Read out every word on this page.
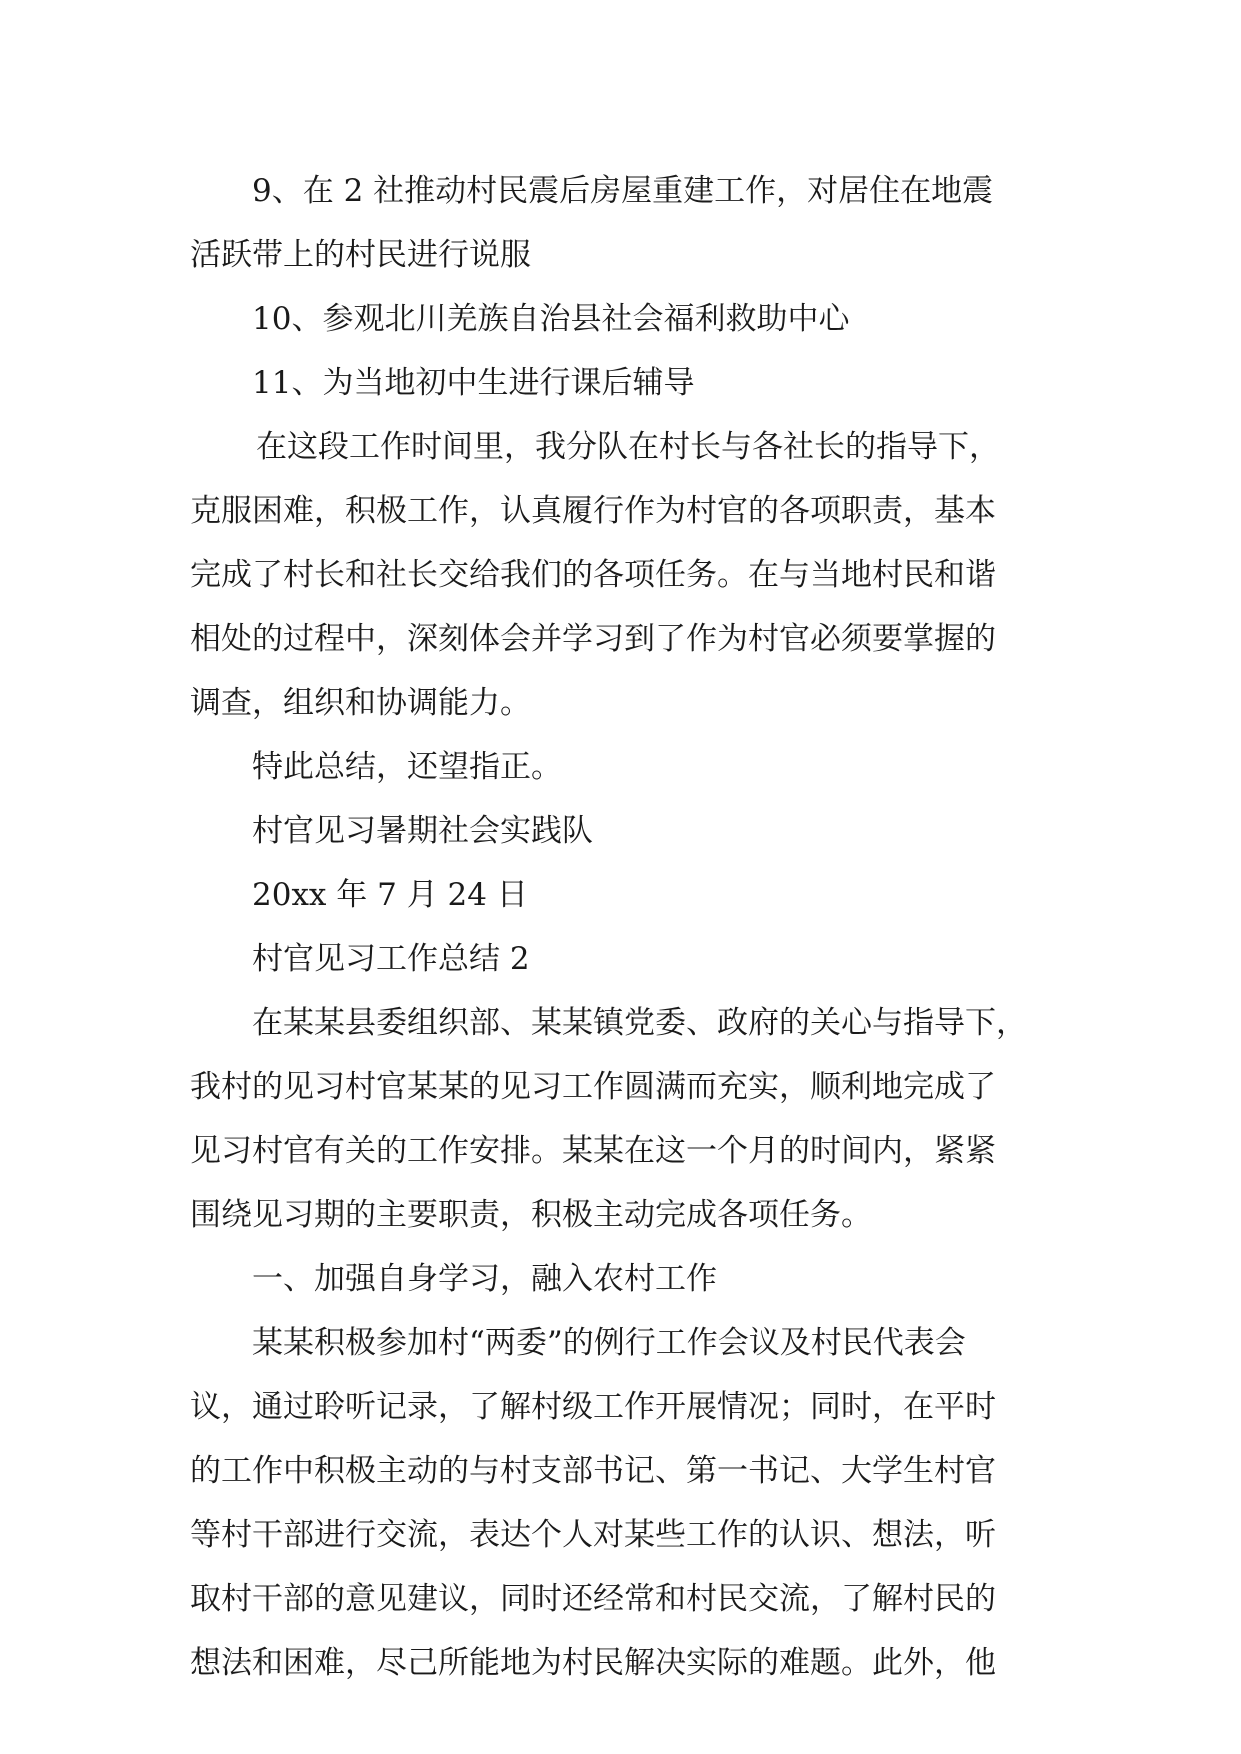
9、在 2 社推动村民震后房屋重建工作，对居住在地震
活跃带上的村民进行说服
10、参观北川羌族自治县社会福利救助中心
11、为当地初中生进行课后辅导
在这段工作时间里，我分队在村长与各社长的指导下，
克服困难，积极工作，认真履行作为村官的各项职责，基本
完成了村长和社长交给我们的各项任务。在与当地村民和谐
相处的过程中，深刻体会并学习到了作为村官必须要掌握的
调查，组织和协调能力。
特此总结，还望指正。
村官见习暑期社会实践队
20xx 年 7 月 24 日
村官见习工作总结 2
在某某县委组织部、某某镇党委、政府的关心与指导下，
我村的见习村官某某的见习工作圆满而充实，顺利地完成了
见习村官有关的工作安排。某某在这一个月的时间内，紧紧
围绕见习期的主要职责，积极主动完成各项任务。
一、加强自身学习，融入农村工作
某某积极参加村“两委”的例行工作会议及村民代表会
议，通过聆听记录，了解村级工作开展情况；同时，在平时
的工作中积极主动的与村支部书记、第一书记、大学生村官
等村干部进行交流，表达个人对某些工作的认识、想法，听
取村干部的意见建议，同时还经常和村民交流，了解村民的
想法和困难，尽己所能地为村民解决实际的难题。此外，他
